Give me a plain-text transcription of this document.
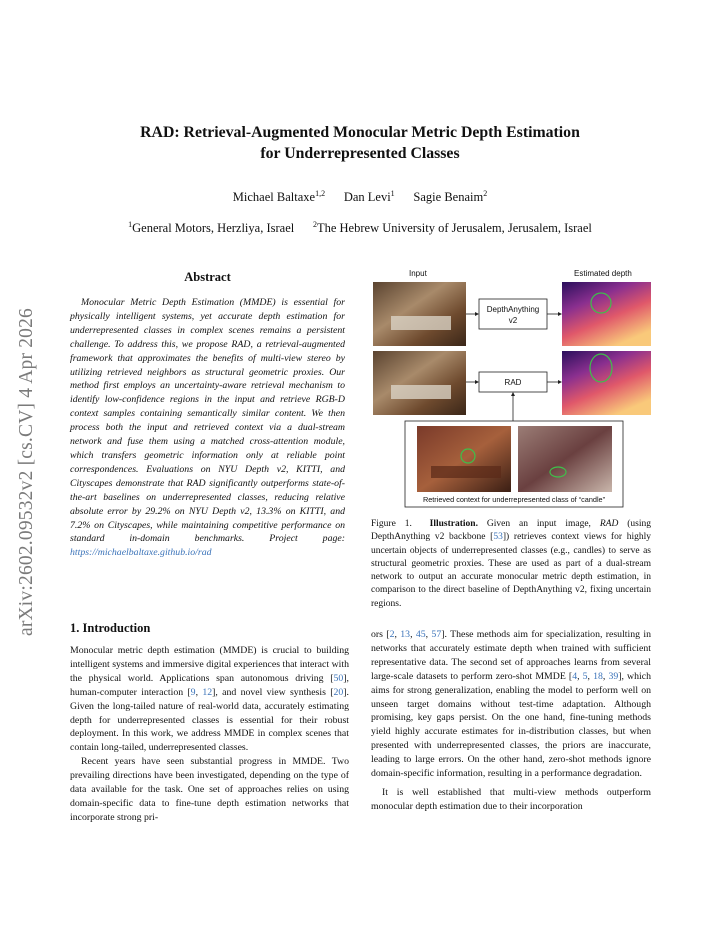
arXiv:2602.09532v2 [cs.CV] 4 Apr 2026
RAD: Retrieval-Augmented Monocular Metric Depth Estimation
for Underrepresented Classes
Michael Baltaxe$^{1,2}$ Dan Levi$^1$ Sagie Benaim$^2$
$^1$General Motors, Herzliya, Israel $^2$The Hebrew University of Jerusalem, Jerusalem, Israel
Abstract
Monocular Metric Depth Estimation (MMDE) is essential for physically intelligent systems, yet accurate depth estimation for underrepresented classes in complex scenes remains a persistent challenge. To address this, we propose RAD, a retrieval-augmented framework that approximates the benefits of multi-view stereo by utilizing retrieved neighbors as structural geometric proxies. Our method first employs an uncertainty-aware retrieval mechanism to identify low-confidence regions in the input and retrieve RGB-D context samples containing semantically similar content. We then process both the input and retrieved context via a dual-stream network and fuse them using a matched cross-attention module, which transfers geometric information only at reliable point correspondences. Evaluations on NYU Depth v2, KITTI, and Cityscapes demonstrate that RAD significantly outperforms state-of-the-art baselines on underrepresented classes, reducing relative absolute error by 29.2% on NYU Depth v2, 13.3% on KITTI, and 7.2% on Cityscapes, while maintaining competitive performance on standard in-domain benchmarks. Project page: https://michaelbaltaxe.github.io/rad
Input	Estimated depth
DepthAnything
v2
RAD
Retrieved context for underrepresented class of “candle”
Figure 1. Illustration. Given an input image, RAD (using DepthAnything v2 backbone [53]) retrieves context views for highly uncertain objects of underrepresented classes (e.g., candles) to serve as structural geometric proxies. These are used as part of a dual-stream network to output an accurate monocular metric depth estimation, in comparison to the direct baseline of DepthAnything v2, fixing uncertain regions.
1. Introduction

Monocular metric depth estimation (MMDE) is crucial to building intelligent systems and immersive digital experiences that interact with the physical world. Applications span autonomous driving [50], human-computer interaction [9, 12], and novel view synthesis [20]. Given the long-tailed nature of real-world data, accurately estimating depth for underrepresented classes is essential for their robust deployment. In this work, we address MMDE in complex scenes that contain long-tailed, underrepresented classes.

Recent years have seen substantial progress in MMDE. Two prevailing directions have been investigated, depending on the type of data available for the task. One set of approaches relies on using domain-specific data to fine-tune depth estimation networks that incorporate strong pri-

ors [2, 13, 45, 57]. These methods aim for specialization, resulting in networks that accurately estimate depth when trained with sufficient representative data. The second set of approaches learns from several large-scale datasets to perform zero-shot MMDE [4, 5, 18, 39], which aims for strong generalization, enabling the model to perform well on unseen target domains without test-time adaptation. Although promising, key gaps persist. On the one hand, fine-tuning methods yield highly accurate estimates for in-distribution classes, but when presented with underrepresented classes, the priors are inaccurate, leading to large errors. On the other hand, zero-shot methods ignore domain-specific information, resulting in a performance degradation.

It is well established that multi-view methods outperform monocular depth estimation due to their incorporation
